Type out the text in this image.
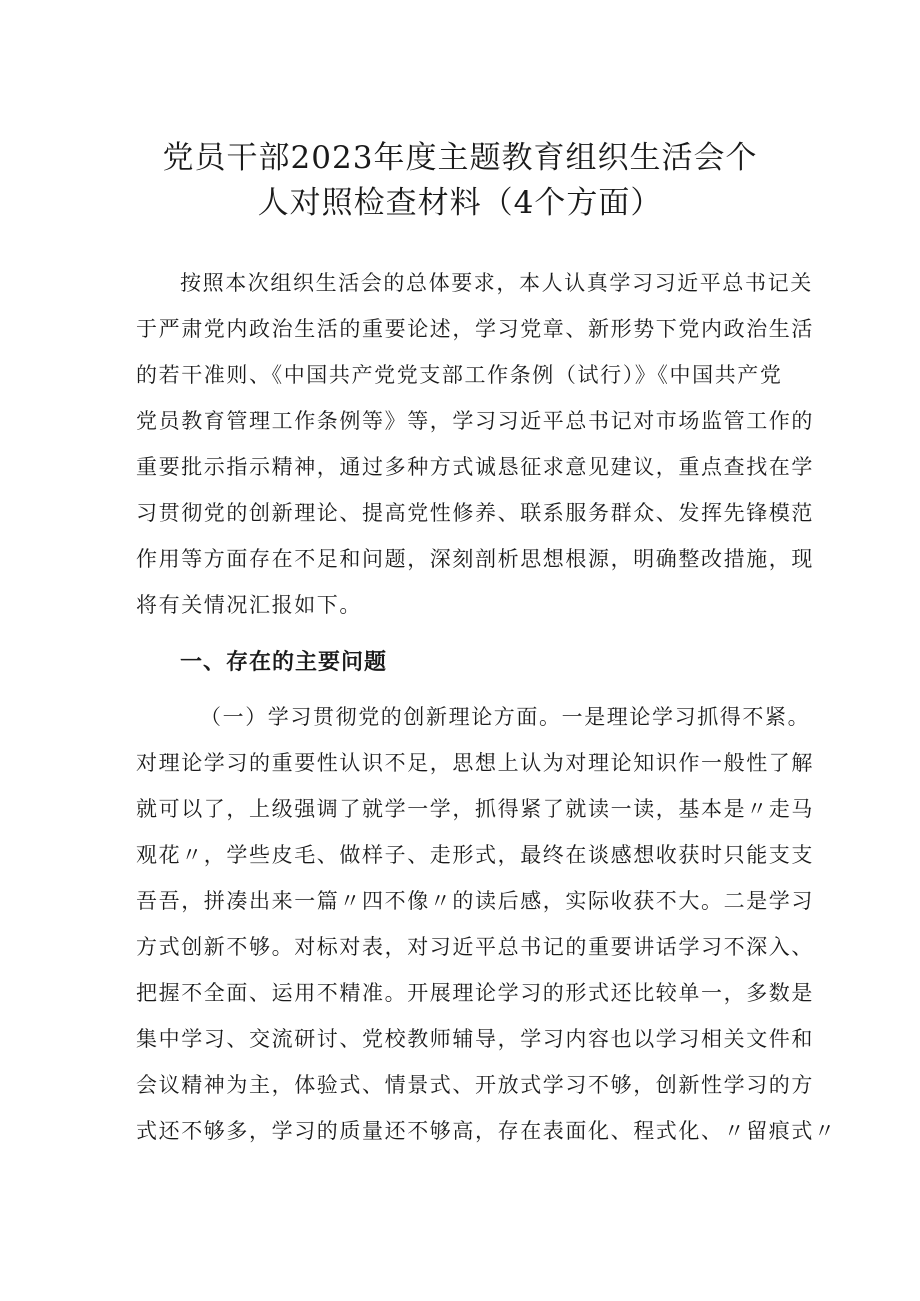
党员干部2023年度主题教育组织生活会个
人对照检查材料（4个方面）

按照本次组织生活会的总体要求，本人认真学习习近平总书记关

于严肃党内政治生活的重要论述，学习党章、新形势下党内政治生活

的若干准则、《中国共产党党支部工作条例（试行）》《中国共产党

党员教育管理工作条例等》等，学习习近平总书记对市场监管工作的

重要批示指示精神，通过多种方式诚恳征求意见建议，重点查找在学

习贯彻党的创新理论、提高党性修养、联系服务群众、发挥先锋模范

作用等方面存在不足和问题，深刻剖析思想根源，明确整改措施，现

将有关情况汇报如下。

一、存在的主要问题

（一）学习贯彻党的创新理论方面。一是理论学习抓得不紧。

对理论学习的重要性认识不足，思想上认为对理论知识作一般性了解

就可以了，上级强调了就学一学，抓得紧了就读一读，基本是〃走马

观花〃，学些皮毛、做样子、走形式，最终在谈感想收获时只能支支

吾吾，拼凑出来一篇〃四不像〃的读后感，实际收获不大。二是学习

方式创新不够。对标对表，对习近平总书记的重要讲话学习不深入、

把握不全面、运用不精准。开展理论学习的形式还比较单一，多数是

集中学习、交流研讨、党校教师辅导，学习内容也以学习相关文件和

会议精神为主，体验式、情景式、开放式学习不够，创新性学习的方

式还不够多，学习的质量还不够高，存在表面化、程式化、〃留痕式〃
